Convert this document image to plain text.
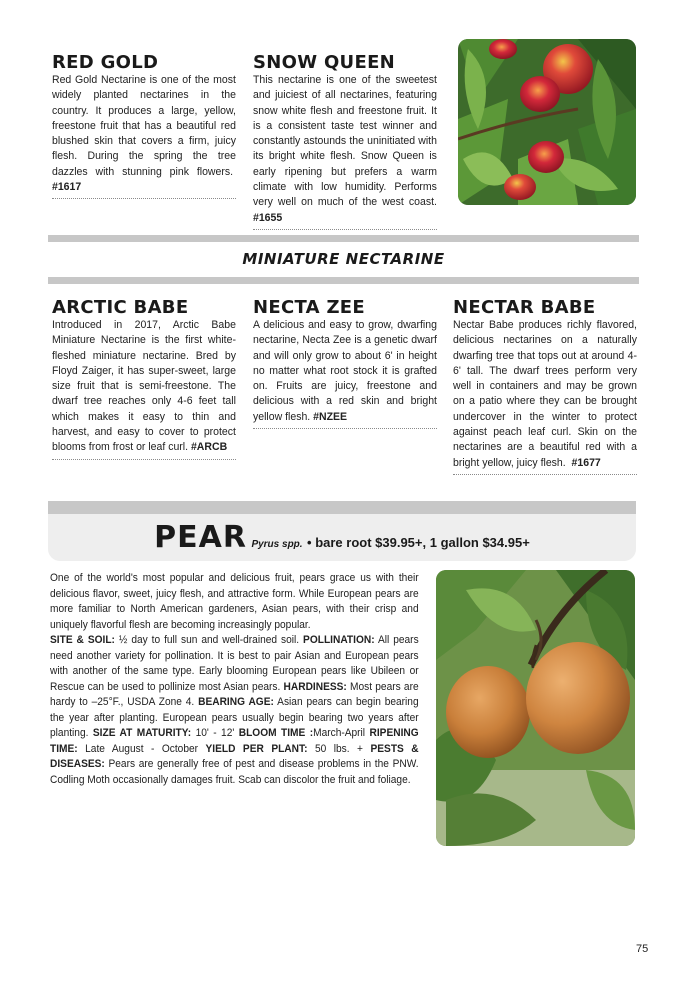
RED GOLD

Red Gold Nectarine is one of the most widely planted nectarines in the country. It produces a large, yellow, freestone fruit that has a beautiful red blushed skin that covers a firm, juicy flesh. During the spring the tree dazzles with stunning pink flowers.  #1617

SNOW QUEEN

This nectarine is one of the sweetest and juiciest of all nectarines, featuring snow white flesh and freestone fruit. It is a consistent taste test winner and constantly astounds the uninitiated with its bright white flesh. Snow Queen is early ripening but prefers a warm climate with low humidity. Performs very well on much of the west coast. #1655

MINIATURE NECTARINE
ARCTIC BABE

Introduced in 2017, Arctic Babe Miniature Nectarine is the first white-fleshed miniature nectarine. Bred by Floyd Zaiger, it has super-sweet, large size fruit that is semi-freestone. The dwarf tree reaches only 4-6 feet tall which makes it easy to thin and harvest, and easy to cover to protect blooms from frost or leaf curl. #ARCB

NECTA ZEE

A delicious and easy to grow, dwarfing nectarine, Necta Zee is a genetic dwarf and will only grow to about 6' in height no matter what root stock it is grafted on. Fruits are juicy, freestone and delicious with a red skin and bright yellow flesh. #NZEE

NECTAR BABE

Nectar Babe produces richly flavored, delicious nectarines on a naturally dwarfing tree that tops out at around 4-6' tall. The dwarf trees perform very well in containers and may be grown on a patio where they can be brought undercover in the winter to protect against peach leaf curl. Skin on the nectarines are a beautiful red with a bright yellow, juicy flesh. #1677

PEAR Pyrus spp. • bare root $39.95+, 1 gallon $34.95+

One of the world's most popular and delicious fruit, pears grace us with their delicious flavor, sweet, juicy flesh, and attractive form. While European pears are more familiar to North American gardeners, Asian pears, with their crisp and uniquely flavorful flesh are becoming increasingly popular.
SITE & SOIL: ½ day to full sun and well-drained soil. POLLINATION: All pears need another variety for pollination. It is best to pair Asian and European pears with another of the same type. Early blooming European pears like Ubileen or Rescue can be used to pollinize most Asian pears. HARDINESS: Most pears are hardy to –25°F., USDA Zone 4. BEARING AGE: Asian pears can begin bearing the year after planting. European pears usually begin bearing two years after planting. SIZE AT MATURITY: 10' - 12' BLOOM TIME :March-April RIPENING TIME: Late August - October YIELD PER PLANT: 50 lbs. + PESTS & DISEASES: Pears are generally free of pest and disease problems in the PNW. Codling Moth occasionally damages fruit. Scab can discolor the fruit and foliage.

75
